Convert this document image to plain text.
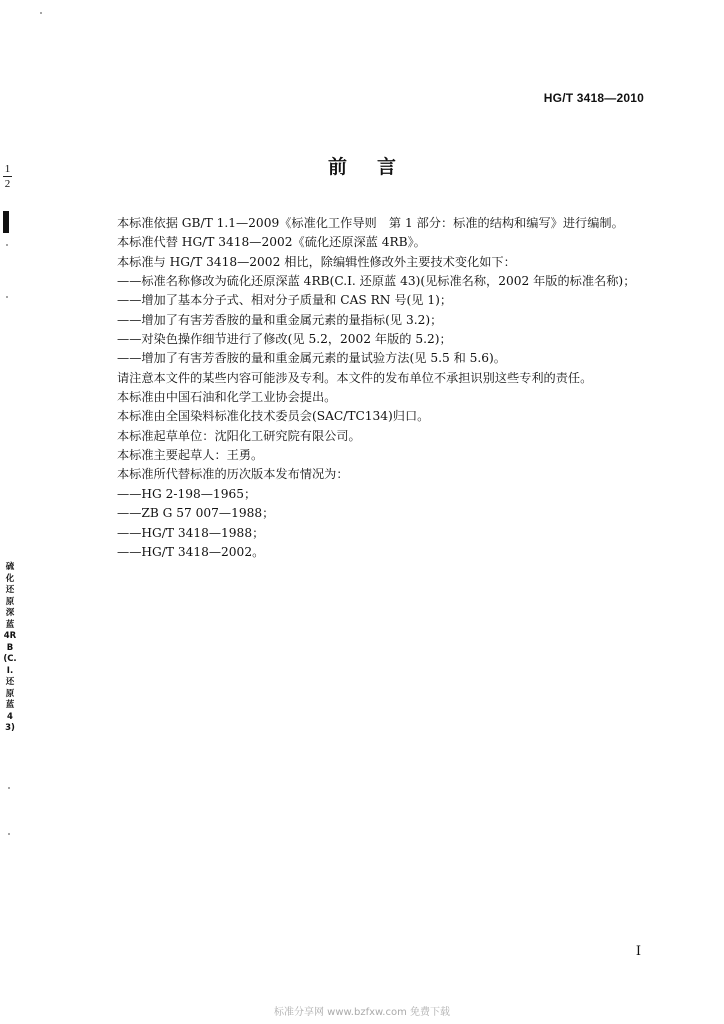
HG/T 3418—2010
前言

本标准依据 GB/T 1.1—2009《标准化工作导则　第 1 部分：标准的结构和编写》进行编制。

本标准代替 HG/T 3418—2002《硫化还原深蓝 4RB》。

本标准与 HG/T 3418—2002 相比，除编辑性修改外主要技术变化如下：

——标准名称修改为硫化还原深蓝 4RB(C.I. 还原蓝 43)(见标准名称，2002 年版的标准名称)；

——增加了基本分子式、相对分子质量和 CAS RN 号(见 1)；

——增加了有害芳香胺的量和重金属元素的量指标(见 3.2)；

——对染色操作细节进行了修改(见 5.2，2002 年版的 5.2)；

——增加了有害芳香胺的量和重金属元素的量试验方法(见 5.5 和 5.6)。

请注意本文件的某些内容可能涉及专利。本文件的发布单位不承担识别这些专利的责任。

本标准由中国石油和化学工业协会提出。

本标准由全国染料标准化技术委员会(SAC/TC134)归口。

本标准起草单位：沈阳化工研究院有限公司。

本标准主要起草人：王勇。

本标准所代替标准的历次版本发布情况为：

——HG 2-198—1965；

——ZB G 57 007—1988；

——HG/T 3418—1988；

——HG/T 3418—2002。

I
标准分享网 www.bzfxw.com 免费下载
1
2
硫化还原深蓝4RB(C.I.还原蓝43)
